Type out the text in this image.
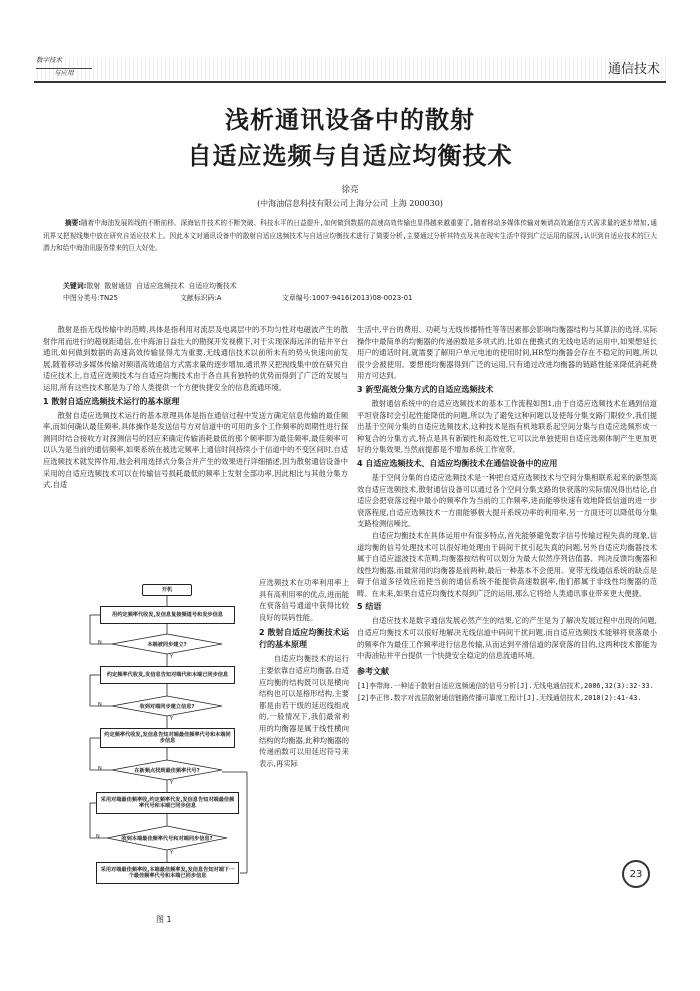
数字技术
与应用	通信技术
浅析通讯设备中的散射
自适应选频与自适应均衡技术
徐亮
(中海油信息科技有限公司上海分公司 上海 200030)
摘要:随着中海油发展阵线的不断前移、深海钻井技术的不断突破、科技水平的日益提升,如何做到数据的高速高效传输也显得越来越重要了,随着移动多媒体传输对频谱高效通信方式需求量的逐步增加,通讯界又把视线集中放在研究自适应技术上。因此本文对通讯设备中的散射自适应选频技术与自适应均衡技术进行了简要分析,主要通过分析其特点及其在现实生活中得到广泛运用的原因,认识到自适应技术的巨大潜力和给中海油讯服务带来的巨大好处。
关键词:散射 散射通信 自适应选频技术 自适应均衡技术
中图分类号:TN25	文献标识码:A	文章编号:1007-9416(2013)08-0023-01

散射是指无线传输中的范畴,具体是指利用对流层及电离层中的不均匀性对电磁波产生的散射作用而进行的超视距通信,在中海油日益壮大的勘探开发视模下,对于实现深海远洋的钻井平台通讯,如何做到数据的高速高效传输显得尤为重要,无线通信技术以前所未有的势头快速向前发展,随着移动多媒体传输对频谱高效通信方式需求量的逐步增加,通讯界又把视线集中放在研究自适应技术上,自适应选频技术与自适应均衡技术由于各自具有独特的优势而得到了广泛的发展与运用,所有这些技术都是为了给人类提供一个方便快捷安全的信息流通环境。

1 散射自适应选频技术运行的基本原理

散射自适应选频技术运行的基本原理具体是指在通信过程中发送方确定信息传输的最佳频率,而如何确认最佳频率,具体操作是发送信号方对信道中的可用的多个工作频率的周期性进行探测同时结合接收方对探测信号的回应来确定传输消耗最低的那个频率即为最佳频率,最佳频率可以认为是当前的通信频率,如果系统在被选定频率上通信时间持续小于信道中的不变区间时,自适应选频技术就发挥作用,他会利用选择式分集合并产生的效果进行详细描述,因为散射通信设备中采用的自适应选频技术可以在传输信号损耗最低的频率上发射全部功率,因此相比与其他分集方式,自适

应选频技术在功率利用率上具有高利用率的优点,进而能在衰落信号通道中获得比较良好的误码性能。
2 散射自适应均衡技术运行的基本原理

自适应均衡技术的运行主要依靠自适应均衡器,自适应均衡的结构既可以是横向结构也可以是格形结构,主要都是由若干级的延迟线组成的,一般情况下,我们最常利用的均衡器是属于线性横向结构的均衡器,此种均衡器的传递函数可以用延迟符号来表示,再实际

开机
用约定频率代收发,发信息复接频道号和发步信息
本端被同步建立?
约定频率代收发,发信息告知对端代和本端已同步信息
收到对端同步建立信息?
约定频率代收发,发信息告知对端最佳频率代号和本端同步信息
在新频点找到最佳频率代号?
采用对端最佳频率收,约定频率代发,发信息告知对端最佳频率代号和本端已同步信息
收到本端最佳频率代号和对端同步信息?
采用对端最佳频率收,本端最佳频率发,发信息告知对端下一个最佳频率代号和本端已同步信息
Y
N
Y
N
Y
N
Y
N
图 1

生活中,平台的费用、功耗与无线传播特性等等因素都会影响均衡器结构与其算法的选择,实际操作中最简单的均衡器的传递函数是多项式的,比如在便携式的无线电话的运用中,如果想延长用户的通话时间,就需要了解用户单元电池的使用时间,HR型均衡器会存在不稳定的问题,所以很少会被使用。要想使均衡器得到广泛的运用,只有通过改进均衡器的链路性能来降低消耗费用方可达到。

3 新型高效分集方式的自适应选频技术

散射通信系统中的自适应选频技术的基本工作流程如图1,由于自适应选频技术在遇到信道平坦衰落时会引起性能降低的问题,所以为了避免这种问题以及使每分集支路门限较少,我们提出基于空间分集的自适应选频技术,这种技术是指有机地联系起空间分集与自适应选频形成一种复合的分集方式,特点是具有新颖性和高效性,它可以比单独使用自适应选频体制产生更加更好的分集效果,当然前提都是不增加系统工作宽带。

4 自适应选频技术、自适应均衡技术在通信设备中的应用

基于空间分集的自适应选频技术是一种把自适应选频技术与空间分集相联系起来的新型高效自适应选频技术,散射通信设备可以通过各个空间分集支路的快衰落的实际情况得出结论,自适应会把衰落过程中最小的频率作为当前的工作频率,进而能够快速有效地降低信道的进一步衰落程度,自适应选频技术一方面能够极大提升系统功率的利用率,另一方面还可以降低每分集支路检测信噪比。

自适应均衡技术在具体运用中有很多特点,首先能够避免数字信号传输过程失真的现象,信道均衡的信号处理技术可以很好地处理由于码间干扰引起失真的问题,另外自适应均衡器技术属于自适应滤波技术范畴,均衡器按结构可以划分为最大似然序列估值器、判决反馈均衡器和线性均衡器,而最常用的均衡器是前两种,最后一种基本不会使用。宽带无线通信系统的缺点是碍于信道多径效应而使当前的通信系统不能提供高速数据率,他们都属于非线性均衡器的范畴。在未来,如果自适应均衡技术得到广泛的运用,那么它将给人类通讯事业带来更大便捷。

5 结语

自适应技术是数字通信发展必然产生的结果,它的产生是为了解决发展过程中出现的问题,自适应均衡技术可以很好地解决无线信道中码间干扰问题,而自适应选频技术能够将衰落最小的频率作为最佳工作频率进行信息传输,从而达到平滑信道的深衰落的目的,这两种技术都能为中海油钻井平台提供一个快捷安全稳定的信息流通环境。

参考文献
[1]李带海.一种适于散射自适应选频通信的信号分析[J].无线电通信技术,2006,32(3):32-33.
[2]李正伟.数字对流层散射通信链路传播可靠度工程计[J].无线通信技术,2010(2):41-43.
23
